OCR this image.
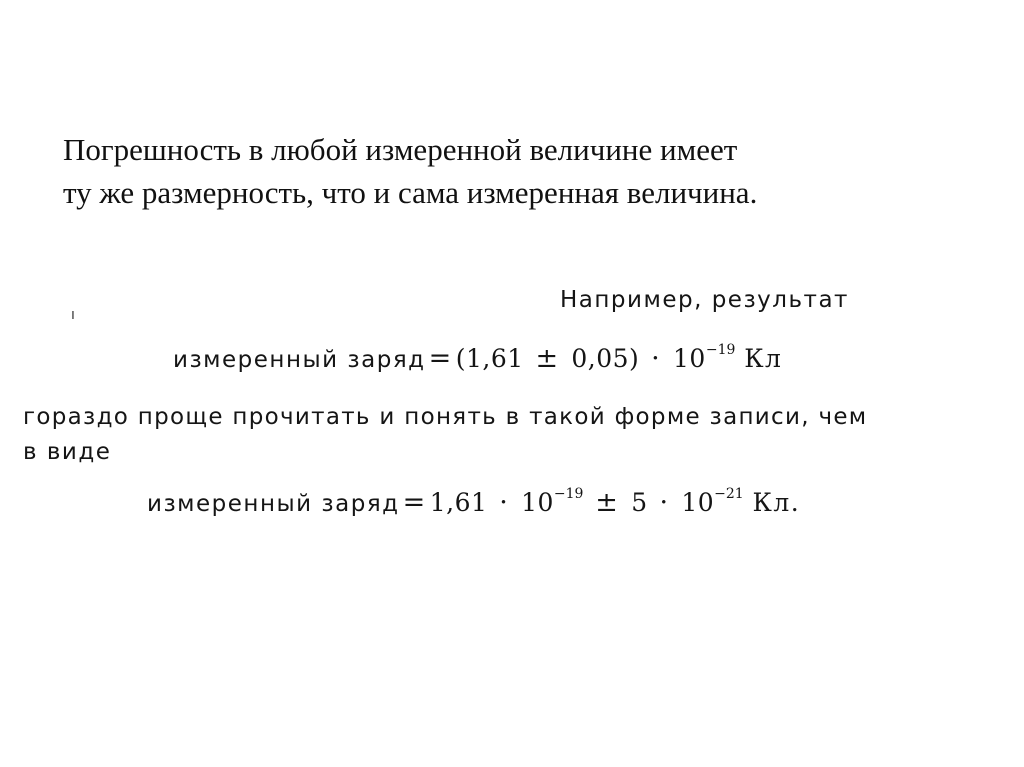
Погрешность в любой измеренной величине имеет
ту же размерность, что и сама измеренная величина.

ı
Например, результат
измеренный заряд = $(1,61 \pm 0,05) \cdot 10^{-19}$ Кл
гораздо проще прочитать и понять в такой форме записи, чем
в виде
измеренный заряд = $1,61 \cdot 10^{-19} \pm 5 \cdot 10^{-21}$ Кл.
